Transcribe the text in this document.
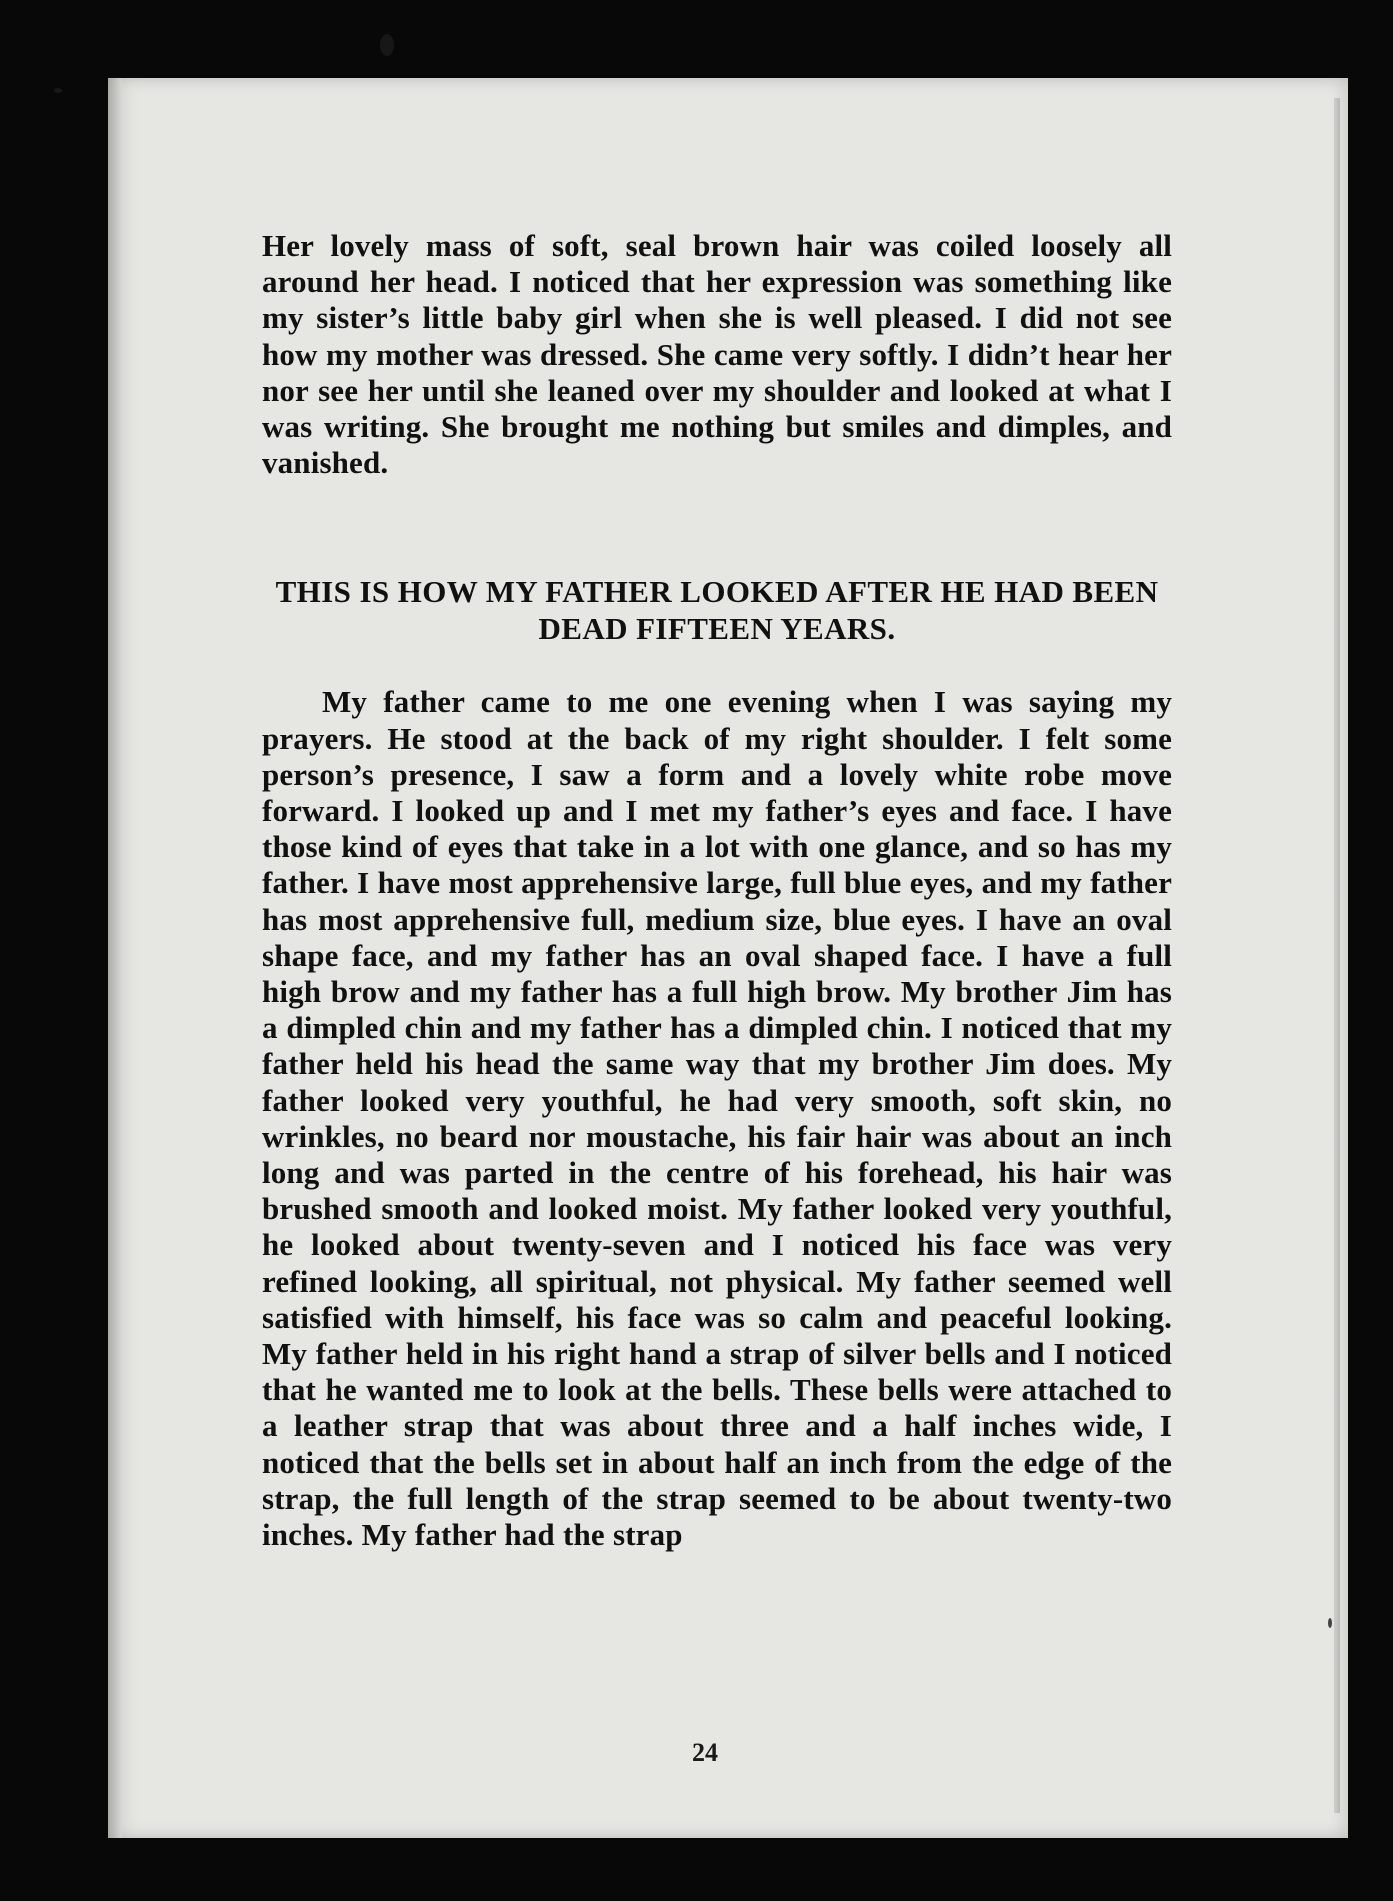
Her lovely mass of soft, seal brown hair was coiled loosely all around her head. I noticed that her expression was something like my sister’s little baby girl when she is well pleased. I did not see how my mother was dressed. She came very softly. I didn’t hear her nor see her until she leaned over my shoulder and looked at what I was writing. She brought me nothing but smiles and dimples, and vanished.

THIS IS HOW MY FATHER LOOKED AFTER HE HAD BEEN DEAD FIFTEEN YEARS.

My father came to me one evening when I was saying my prayers. He stood at the back of my right shoulder. I felt some person’s presence, I saw a form and a lovely white robe move forward. I looked up and I met my father’s eyes and face. I have those kind of eyes that take in a lot with one glance, and so has my father. I have most apprehensive large, full blue eyes, and my father has most apprehensive full, medium size, blue eyes. I have an oval shape face, and my father has an oval shaped face. I have a full high brow and my father has a full high brow. My brother Jim has a dimpled chin and my father has a dimpled chin. I noticed that my father held his head the same way that my brother Jim does. My father looked very youthful, he had very smooth, soft skin, no wrinkles, no beard nor moustache, his fair hair was about an inch long and was parted in the centre of his forehead, his hair was brushed smooth and looked moist. My father looked very youthful, he looked about twenty-seven and I noticed his face was very refined looking, all spiritual, not physical. My father seemed well satisfied with himself, his face was so calm and peaceful looking. My father held in his right hand a strap of silver bells and I noticed that he wanted me to look at the bells. These bells were attached to a leather strap that was about three and a half inches wide, I noticed that the bells set in about half an inch from the edge of the strap, the full length of the strap seemed to be about twenty-two inches. My father had the strap

24
